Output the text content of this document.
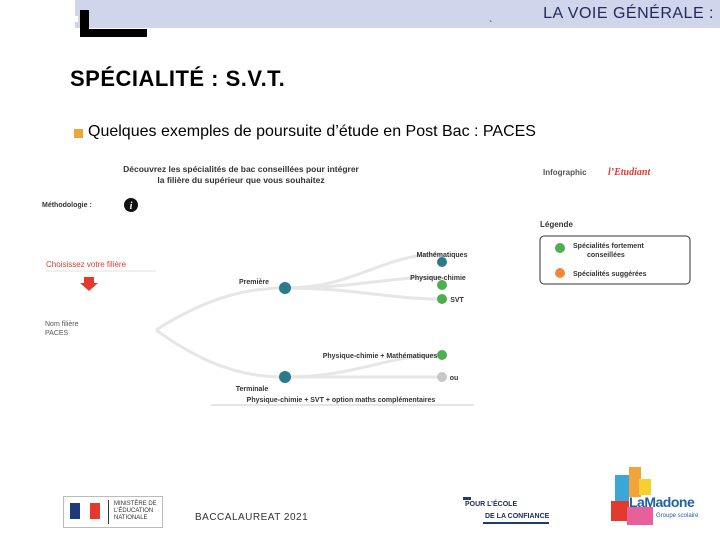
LA VOIE GÉNÉRALE :
`
SPÉCIALITÉ : S.V.T.
Quelques exemples de poursuite d’étude en Post Bac : PACES
Découvrez les spécialités de bac conseillées pour intégrer
la filière du supérieur que vous souhaitez
Infographic l’Etudiant
Méthodologie :	i
Choisissez votre filière
Nom filière
PACES
Première
Mathématiques
Physique-chimie
SVT
Terminale
Physique-chimie + Mathématiques
ou
Physique-chimie + SVT + option maths complémentaires
Légende
Spécialités fortement
conseillées
Spécialités suggérées
MINISTÈRE DE L’ÉDUCATION NATIONALE	BACCALAUREAT 2021
POUR L’ÉCOLE
DE LA CONFIANCE
LaMadone
Groupe scolaire
